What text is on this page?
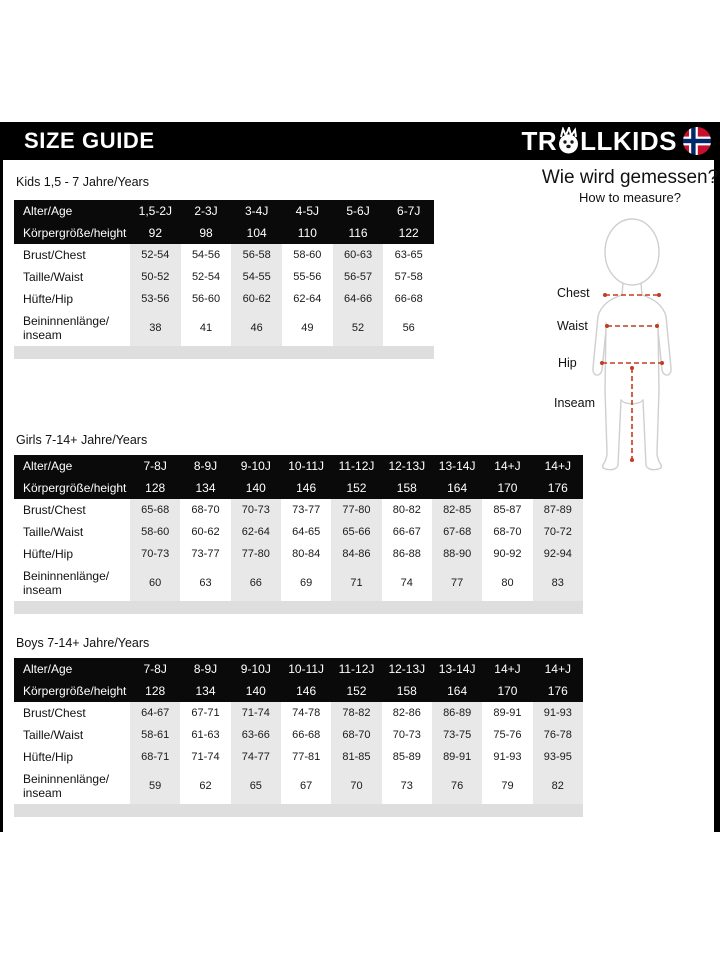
SIZE GUIDE	TR LLKIDS
Kids 1,5 - 7 Jahre/Years
Girls 7-14+ Jahre/Years
Boys 7-14+ Jahre/Years
Alter/Age	1,5-2J	2-3J	3-4J	4-5J	5-6J	6-7J
Körpergröße/height	92	98	104	110	116	122
Brust/Chest	52-54	54-56	56-58	58-60	60-63	63-65
Taille/Waist	50-52	52-54	54-55	55-56	56-57	57-58
Hüfte/Hip	53-56	56-60	60-62	62-64	64-66	66-68
Beininnenlänge/
inseam	38	41	46	49	52	56
Alter/Age	7-8J	8-9J	9-10J	10-11J	11-12J	12-13J	13-14J	14+J	14+J
Körpergröße/height	128	134	140	146	152	158	164	170	176
Brust/Chest	65-68	68-70	70-73	73-77	77-80	80-82	82-85	85-87	87-89
Taille/Waist	58-60	60-62	62-64	64-65	65-66	66-67	67-68	68-70	70-72
Hüfte/Hip	70-73	73-77	77-80	80-84	84-86	86-88	88-90	90-92	92-94
Beininnenlänge/
inseam	60	63	66	69	71	74	77	80	83
Alter/Age	7-8J	8-9J	9-10J	10-11J	11-12J	12-13J	13-14J	14+J	14+J
Körpergröße/height	128	134	140	146	152	158	164	170	176
Brust/Chest	64-67	67-71	71-74	74-78	78-82	82-86	86-89	89-91	91-93
Taille/Waist	58-61	61-63	63-66	66-68	68-70	70-73	73-75	75-76	76-78
Hüfte/Hip	68-71	71-74	74-77	77-81	81-85	85-89	89-91	91-93	93-95
Beininnenlänge/
inseam	59	62	65	67	70	73	76	79	82
Wie wird gemessen?
How to measure?
Chest
Waist
Hip
Inseam
